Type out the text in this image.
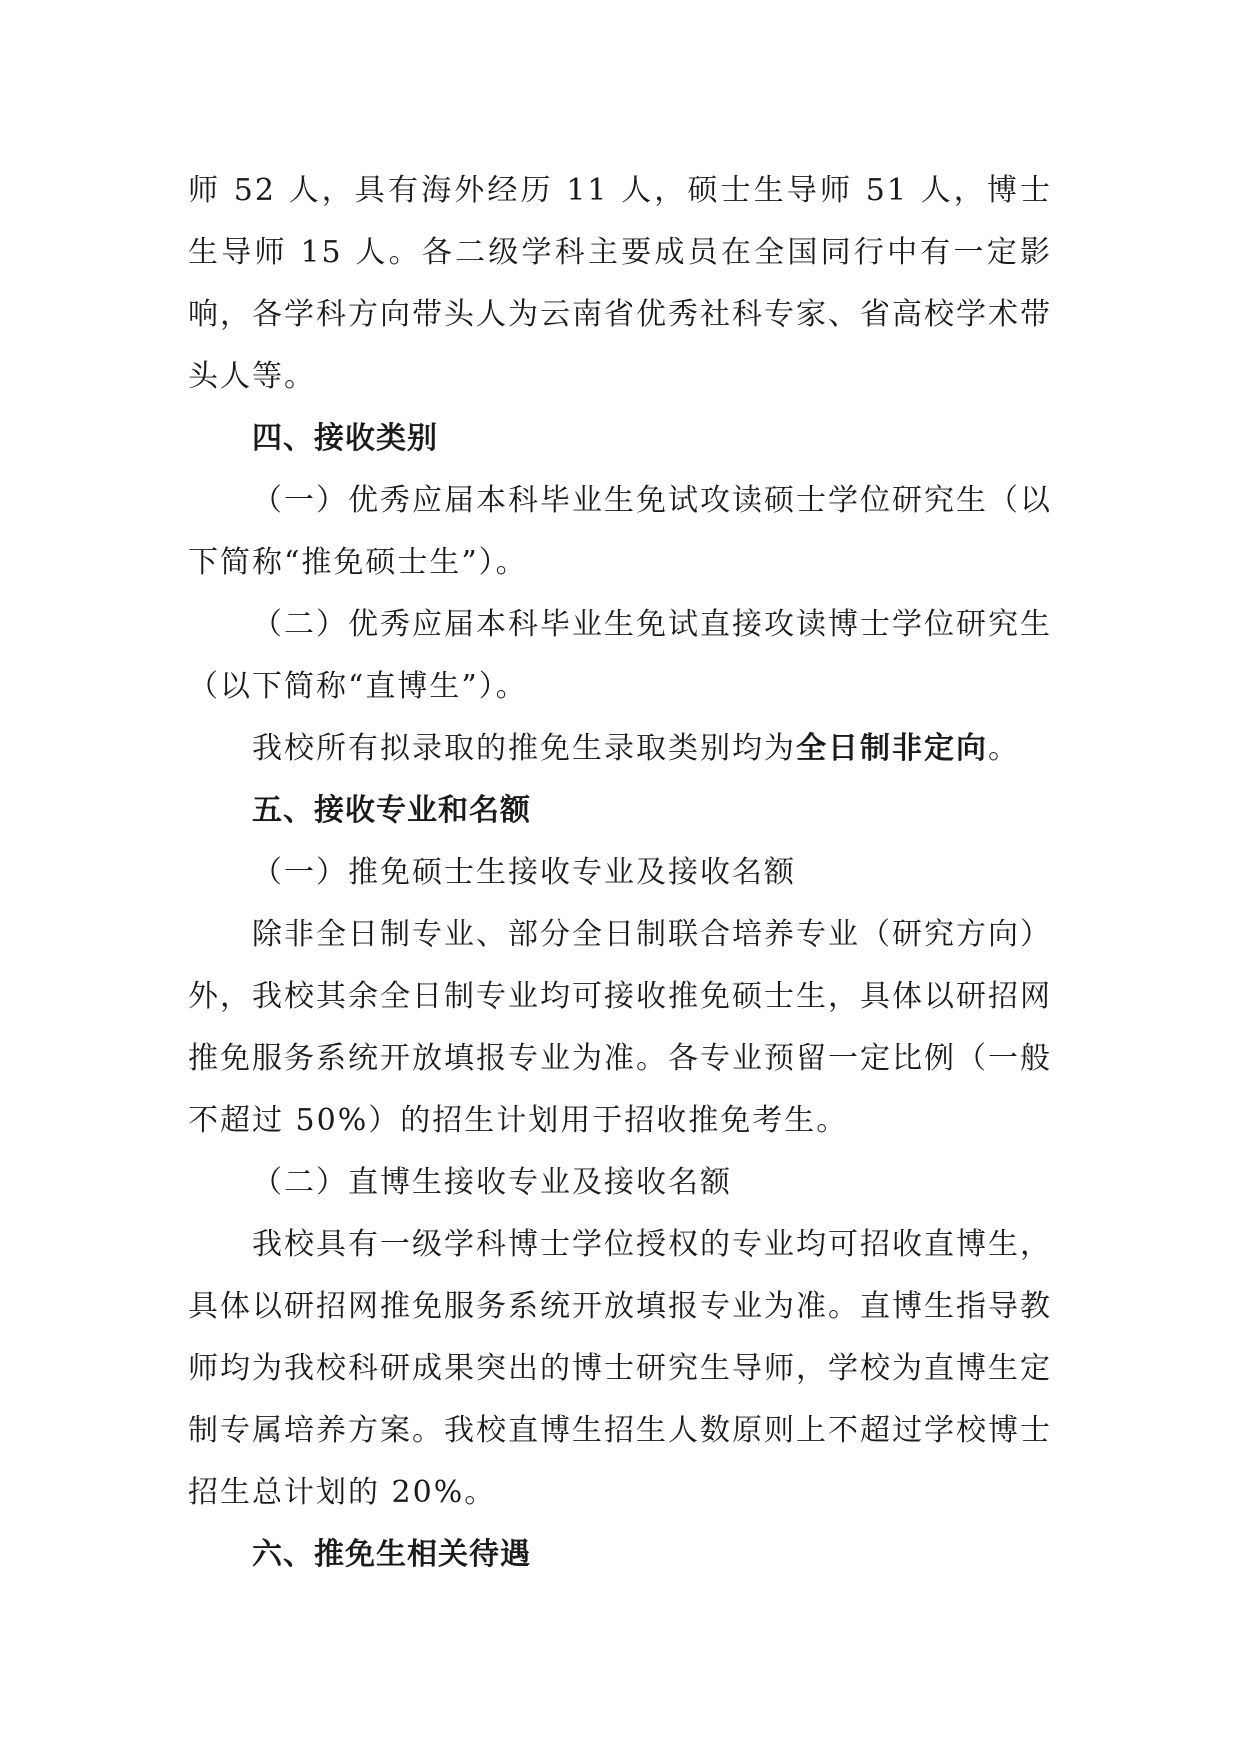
师 52 人，具有海外经历 11 人，硕士生导师 51 人，博士生导师 15 人。各二级学科主要成员在全国同行中有一定影响，各学科方向带头人为云南省优秀社科专家、省高校学术带头人等。

四、接收类别

（一）优秀应届本科毕业生免试攻读硕士学位研究生（以下简称“推免硕士生”）。

（二）优秀应届本科毕业生免试直接攻读博士学位研究生（以下简称“直博生”）。

我校所有拟录取的推免生录取类别均为全日制非定向。

五、接收专业和名额

（一）推免硕士生接收专业及接收名额

除非全日制专业、部分全日制联合培养专业（研究方向）外，我校其余全日制专业均可接收推免硕士生，具体以研招网推免服务系统开放填报专业为准。各专业预留一定比例（一般不超过 50%）的招生计划用于招收推免考生。

（二）直博生接收专业及接收名额

我校具有一级学科博士学位授权的专业均可招收直博生，具体以研招网推免服务系统开放填报专业为准。直博生指导教师均为我校科研成果突出的博士研究生导师，学校为直博生定制专属培养方案。我校直博生招生人数原则上不超过学校博士招生总计划的 20%。

六、推免生相关待遇
